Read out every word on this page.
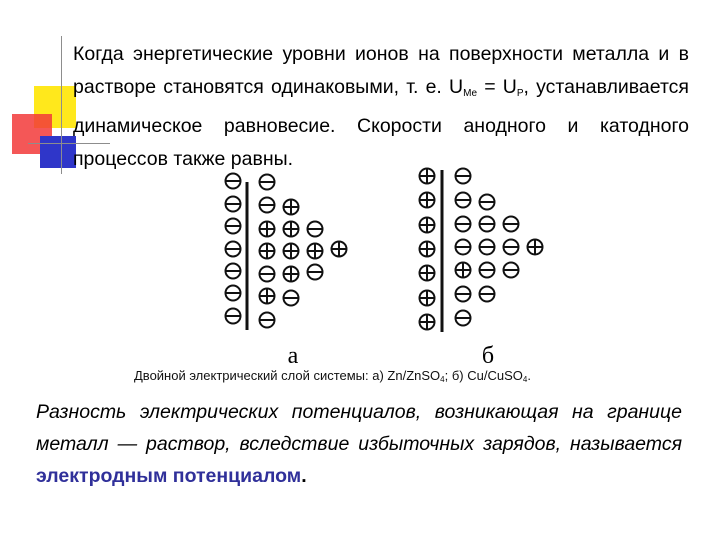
Когда энергетические уровни ионов на поверхности металла и в растворе становятся одинаковыми, т. е. $U_{Me} = U_P$, устанавливается динамическое равновесие. Скорости анодного и катодного процессов также равны.

а	б

Двойной электрический слой системы: а) Zn/ZnSO$_4$; б) Cu/CuSO$_4$.

Разность электрических потенциалов, возникающая на границе металл — раствор, вследствие избыточных зарядов, называется электродным потенциалом.
